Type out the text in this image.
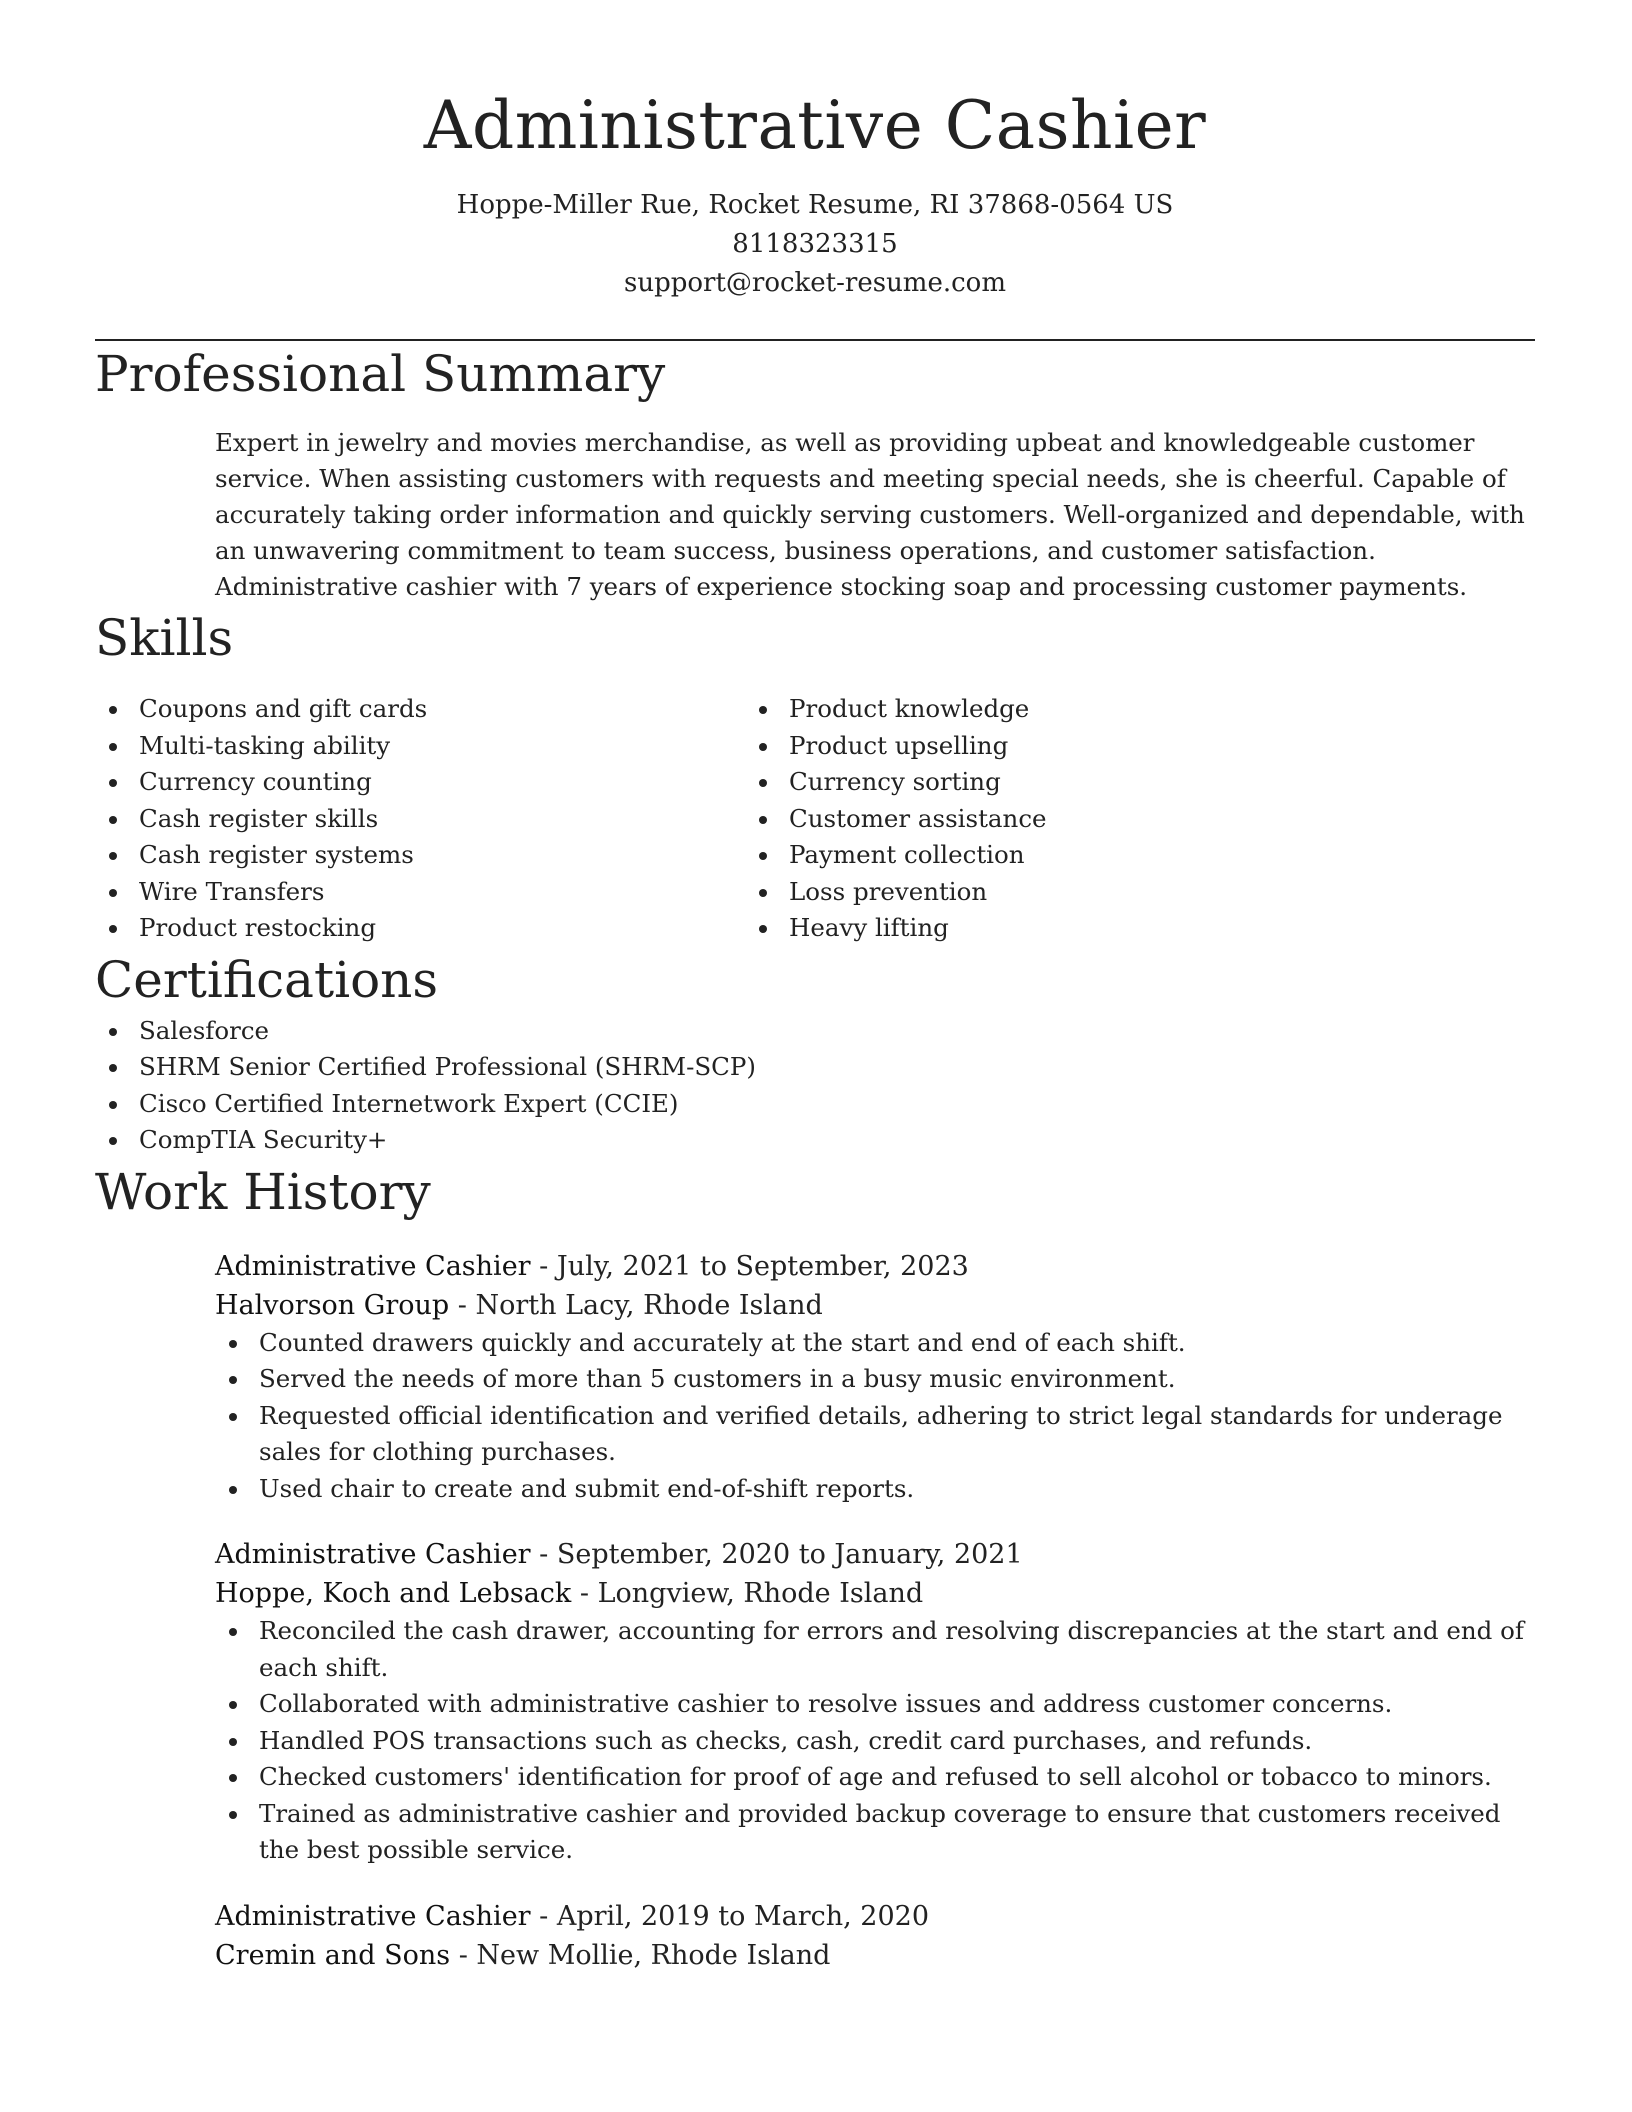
Administrative Cashier
Hoppe-Miller Rue, Rocket Resume, RI 37868-0564 US
8118323315
support@rocket-resume.com
Professional Summary

Expert in jewelry and movies merchandise, as well as providing upbeat and knowledgeable customer service. When assisting customers with requests and meeting special needs, she is cheerful. Capable of accurately taking order information and quickly serving customers. Well-organized and dependable, with an unwavering commitment to team success, business operations, and customer satisfaction. Administrative cashier with 7 years of experience stocking soap and processing customer payments.

Skills
Coupons and gift cards
Multi-tasking ability
Currency counting
Cash register skills
Cash register systems
Wire Transfers
Product restocking
Product knowledge
Product upselling
Currency sorting
Customer assistance
Payment collection
Loss prevention
Heavy lifting
Certifications
Salesforce
SHRM Senior Certified Professional (SHRM-SCP)
Cisco Certified Internetwork Expert (CCIE)
CompTIA Security+
Work History
Administrative Cashier - July, 2021 to September, 2023
Halvorson Group - North Lacy, Rhode Island
Counted drawers quickly and accurately at the start and end of each shift.
Served the needs of more than 5 customers in a busy music environment.
Requested official identification and verified details, adhering to strict legal standards for underage sales for clothing purchases.
Used chair to create and submit end-of-shift reports.
Administrative Cashier - September, 2020 to January, 2021
Hoppe, Koch and Lebsack - Longview, Rhode Island
Reconciled the cash drawer, accounting for errors and resolving discrepancies at the start and end of each shift.
Collaborated with administrative cashier to resolve issues and address customer concerns.
Handled POS transactions such as checks, cash, credit card purchases, and refunds.
Checked customers' identification for proof of age and refused to sell alcohol or tobacco to minors.
Trained as administrative cashier and provided backup coverage to ensure that customers received the best possible service.
Administrative Cashier - April, 2019 to March, 2020
Cremin and Sons - New Mollie, Rhode Island
